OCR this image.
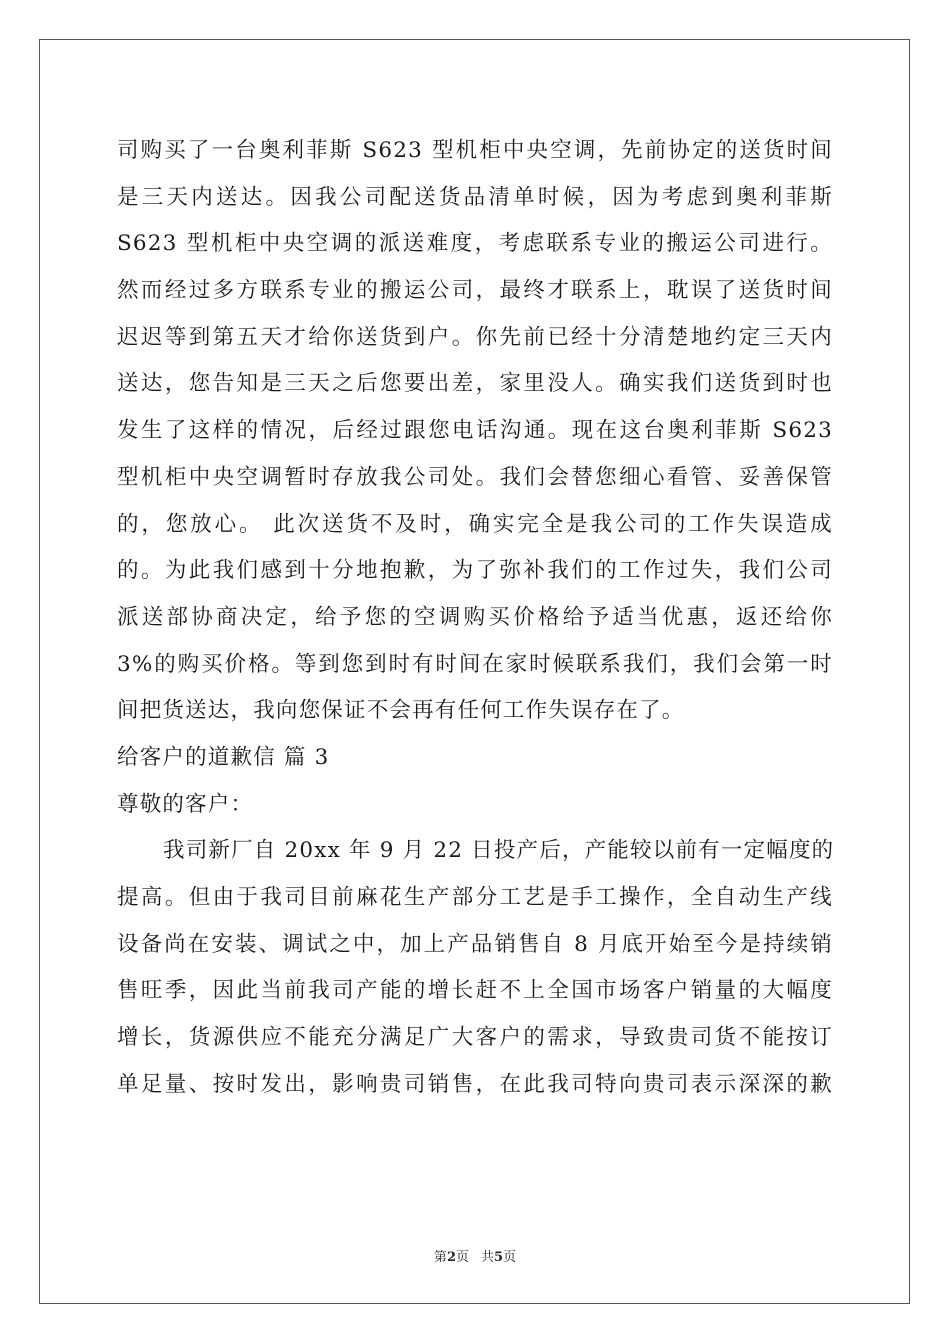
司购买了一台奥利菲斯 S623 型机柜中央空调，先前协定的送货时间
是三天内送达。因我公司配送货品清单时候，因为考虑到奥利菲斯
S623 型机柜中央空调的派送难度，考虑联系专业的搬运公司进行。
然而经过多方联系专业的搬运公司，最终才联系上，耽误了送货时间
迟迟等到第五天才给你送货到户。你先前已经十分清楚地约定三天内
送达，您告知是三天之后您要出差，家里没人。确实我们送货到时也
发生了这样的情况，后经过跟您电话沟通。现在这台奥利菲斯 S623
型机柜中央空调暂时存放我公司处。我们会替您细心看管、妥善保管
的，您放心。 此次送货不及时，确实完全是我公司的工作失误造成
的。为此我们感到十分地抱歉，为了弥补我们的工作过失，我们公司
派送部协商决定，给予您的空调购买价格给予适当优惠，返还给你
3%的购买价格。等到您到时有时间在家时候联系我们，我们会第一时
间把货送达，我向您保证不会再有任何工作失误存在了。
给客户的道歉信 篇 3
尊敬的客户：
我司新厂自 20xx 年 9 月 22 日投产后，产能较以前有一定幅度的
提高。但由于我司目前麻花生产部分工艺是手工操作，全自动生产线
设备尚在安装、调试之中，加上产品销售自 8 月底开始至今是持续销
售旺季，因此当前我司产能的增长赶不上全国市场客户销量的大幅度
增长，货源供应不能充分满足广大客户的需求，导致贵司货不能按订
单足量、按时发出，影响贵司销售，在此我司特向贵司表示深深的歉
第2页 共5页
